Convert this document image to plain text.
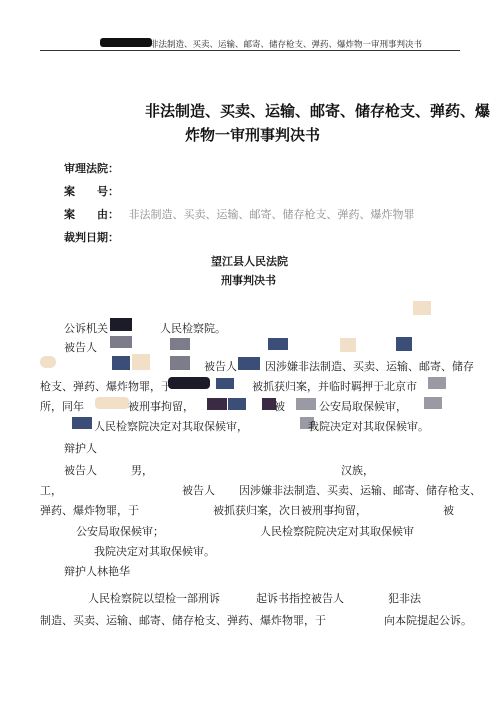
非法制造、买卖、运输、邮寄、储存枪支、弹药、爆炸物一审刑事判决书
非法制造、买卖、运输、邮寄、储存枪支、弹药、爆
炸物一审刑事判决书
审理法院：
案　　号：
案　　由： 非法制造、买卖、运输、邮寄、储存枪支、弹药、爆炸物罪
裁判日期：
望江县人民法院
刑事判决书
公诉机关	人民检察院。
被告人
被告人	因涉嫌非法制造、买卖、运输、邮寄、储存
枪支、弹药、爆炸物罪，于	被抓获归案，并临时羁押于北京市
所，同年	被刑事拘留，	被	公安局取保候审，
人民检察院决定对其取保候审，	我院决定对其取保候审。
辩护人
被告人	男，	汉族，
工，	被告人 因涉嫌非法制造、买卖、运输、邮寄、储存枪支、
弹药、爆炸物罪，于	被抓获归案，次日被刑事拘留，	被
公安局取保候审；	人民检察院院决定对其取保候审
我院决定对其取保候审。
辩护人林艳华
人民检察院以望检一部刑诉	起诉书指控被告人	犯非法
制造、买卖、运输、邮寄、储存枪支、弹药、爆炸物罪，于	向本院提起公诉。
